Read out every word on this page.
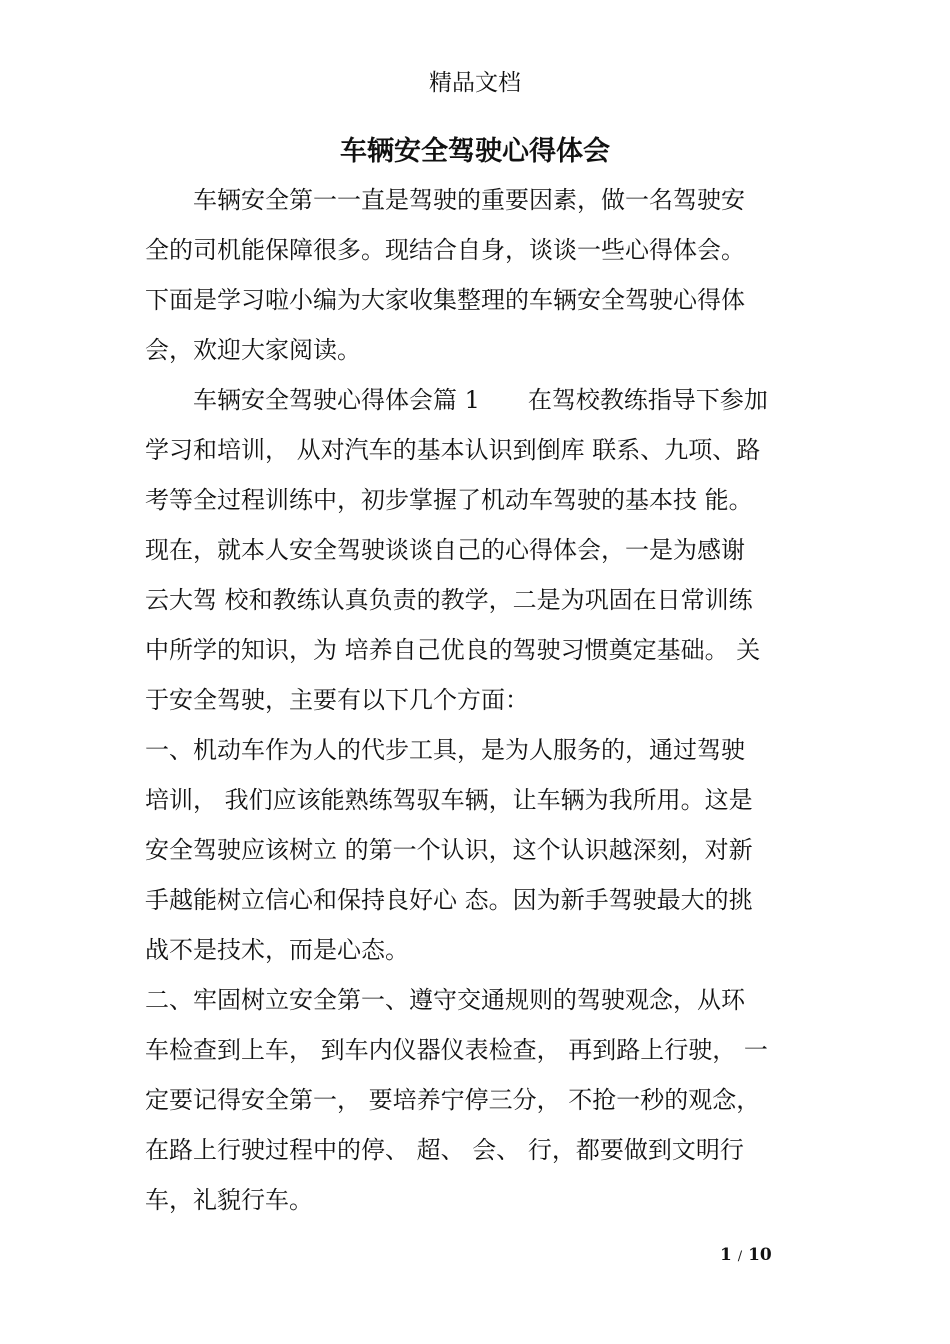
精品文档
车辆安全驾驶心得体会
　　车辆安全第一一直是驾驶的重要因素，做一名驾驶安
全的司机能保障很多。现结合自身，谈谈一些心得体会。
下面是学习啦小编为大家收集整理的车辆安全驾驶心得体
会，欢迎大家阅读。
　　车辆安全驾驶心得体会篇 1　　在驾校教练指导下参加
学习和培训， 从对汽车的基本认识到倒库 联系、九项、路
考等全过程训练中，初步掌握了机动车驾驶的基本技 能。
现在，就本人安全驾驶谈谈自己的心得体会，一是为感谢
云大驾 校和教练认真负责的教学，二是为巩固在日常训练
中所学的知识，为 培养自己优良的驾驶习惯奠定基础。 关
于安全驾驶，主要有以下几个方面：
一、机动车作为人的代步工具，是为人服务的，通过驾驶
培训， 我们应该能熟练驾驭车辆，让车辆为我所用。这是
安全驾驶应该树立 的第一个认识，这个认识越深刻，对新
手越能树立信心和保持良好心 态。因为新手驾驶最大的挑
战不是技术，而是心态。
二、牢固树立安全第一、遵守交通规则的驾驶观念，从环
车检查到上车， 到车内仪器仪表检查， 再到路上行驶， 一
定要记得安全第一， 要培养宁停三分， 不抢一秒的观念，
在路上行驶过程中的停、 超、 会、 行，都要做到文明行
车，礼貌行车。
1 / 10
